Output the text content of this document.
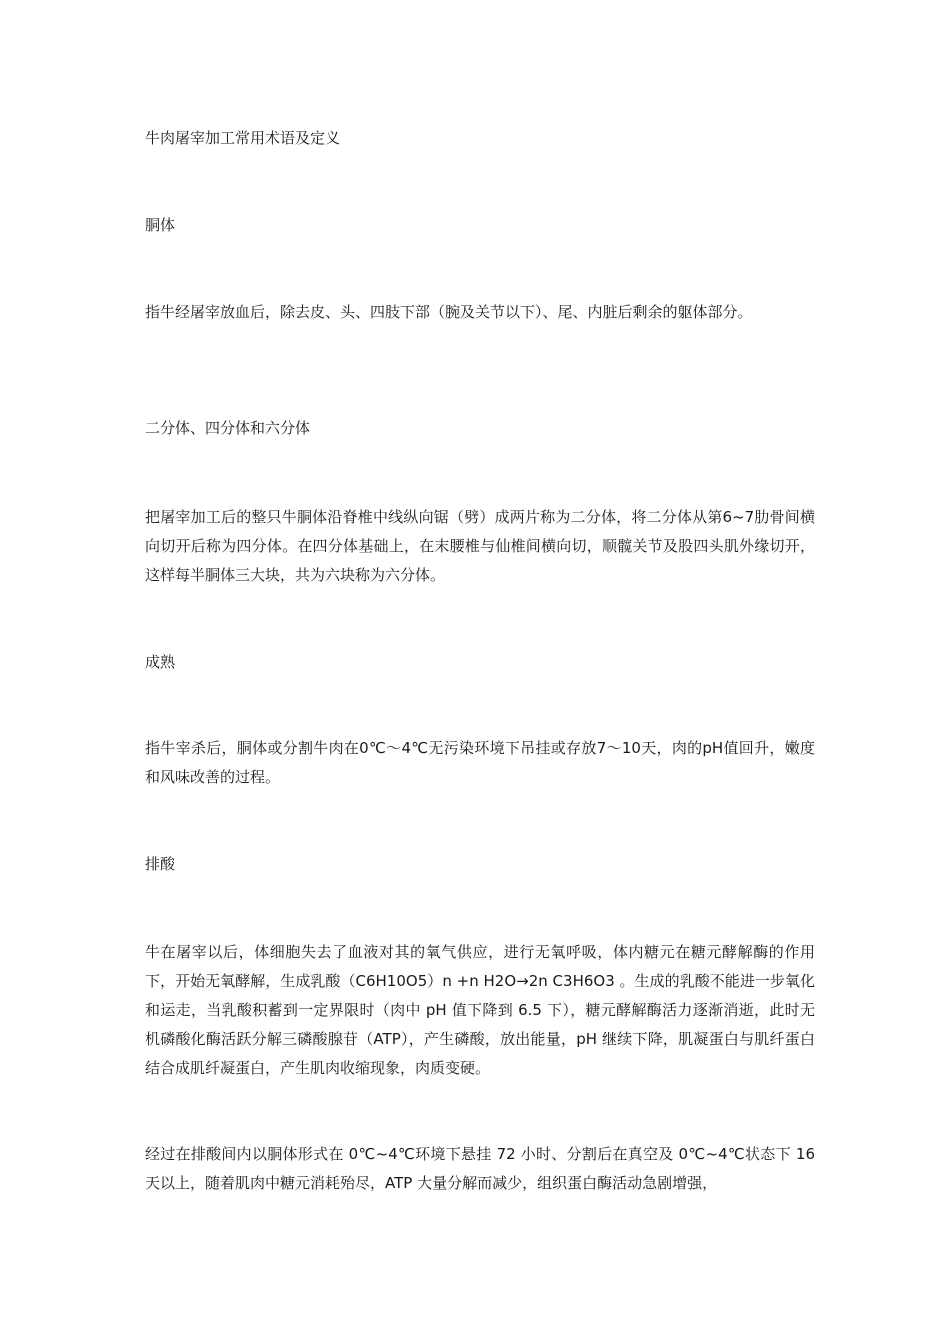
牛肉屠宰加工常用术语及定义

胴体

指牛经屠宰放血后，除去皮、头、四肢下部（腕及关节以下）、尾、内脏后剩余的躯体部分。

二分体、四分体和六分体

把屠宰加工后的整只牛胴体沿脊椎中线纵向锯（劈）成两片称为二分体，将二分体从第6~7肋骨间横向切开后称为四分体。在四分体基础上，在末腰椎与仙椎间横向切，顺髋关节及股四头肌外缘切开，这样每半胴体三大块，共为六块称为六分体。

成熟

指牛宰杀后，胴体或分割牛肉在0℃～4℃无污染环境下吊挂或存放7～10天，肉的pH值回升，嫩度和风味改善的过程。

排酸

牛在屠宰以后，体细胞失去了血液对其的氧气供应，进行无氧呼吸，体内糖元在糖元酵解酶的作用下，开始无氧酵解，生成乳酸（C6H10O5）n +n H2O→2n C3H6O3 。生成的乳酸不能进一步氧化和运走，当乳酸积蓄到一定界限时（肉中 pH 值下降到 6.5 下），糖元酵解酶活力逐渐消逝，此时无机磷酸化酶活跃分解三磷酸腺苷（ATP），产生磷酸，放出能量，pH 继续下降，肌凝蛋白与肌纤蛋白结合成肌纤凝蛋白，产生肌肉收缩现象，肉质变硬。

经过在排酸间内以胴体形式在 0℃~4℃环境下悬挂 72 小时、分割后在真空及 0℃~4℃状态下 16 天以上，随着肌肉中糖元消耗殆尽，ATP 大量分解而减少，组织蛋白酶活动急剧增强，
